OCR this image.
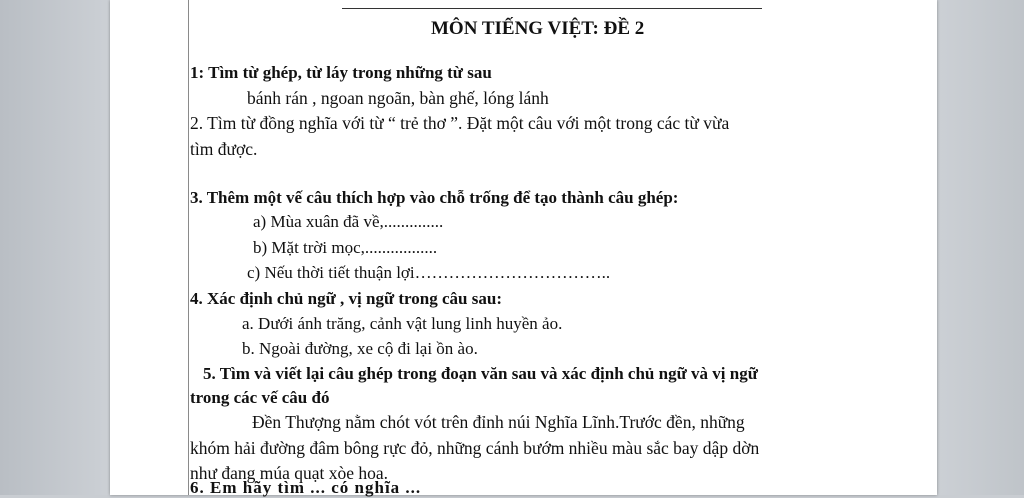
MÔN TIẾNG VIỆT: ĐỀ 2
1: Tìm từ ghép, từ láy trong những từ sau
bánh rán , ngoan ngoãn, bàn ghế, lóng lánh
2. Tìm từ đồng nghĩa với từ “ trẻ thơ ”. Đặt một câu với một trong các từ vừa
tìm được.
3. Thêm một vế câu thích hợp vào chỗ trống để tạo thành câu ghép:
a) Mùa xuân đã về,..............
b) Mặt trời mọc,.................
c) Nếu thời tiết thuận lợi……………………………..
4. Xác định chủ ngữ , vị ngữ trong câu sau:
a. Dưới ánh trăng, cảnh vật lung linh huyền ảo.
b. Ngoài đường, xe cộ đi lại ồn ào.
5. Tìm và viết lại câu ghép trong đoạn văn sau và xác định chủ ngữ và vị ngữ
trong các vế câu đó
Đền Thượng nằm chót vót trên đỉnh núi Nghĩa Lĩnh.Trước đền, những
khóm hải đường đâm bông rực đỏ, những cánh bướm nhiều màu sắc bay dập dờn
như đang múa quạt xòe hoa.
6. Em hãy tìm ... có nghĩa ...
